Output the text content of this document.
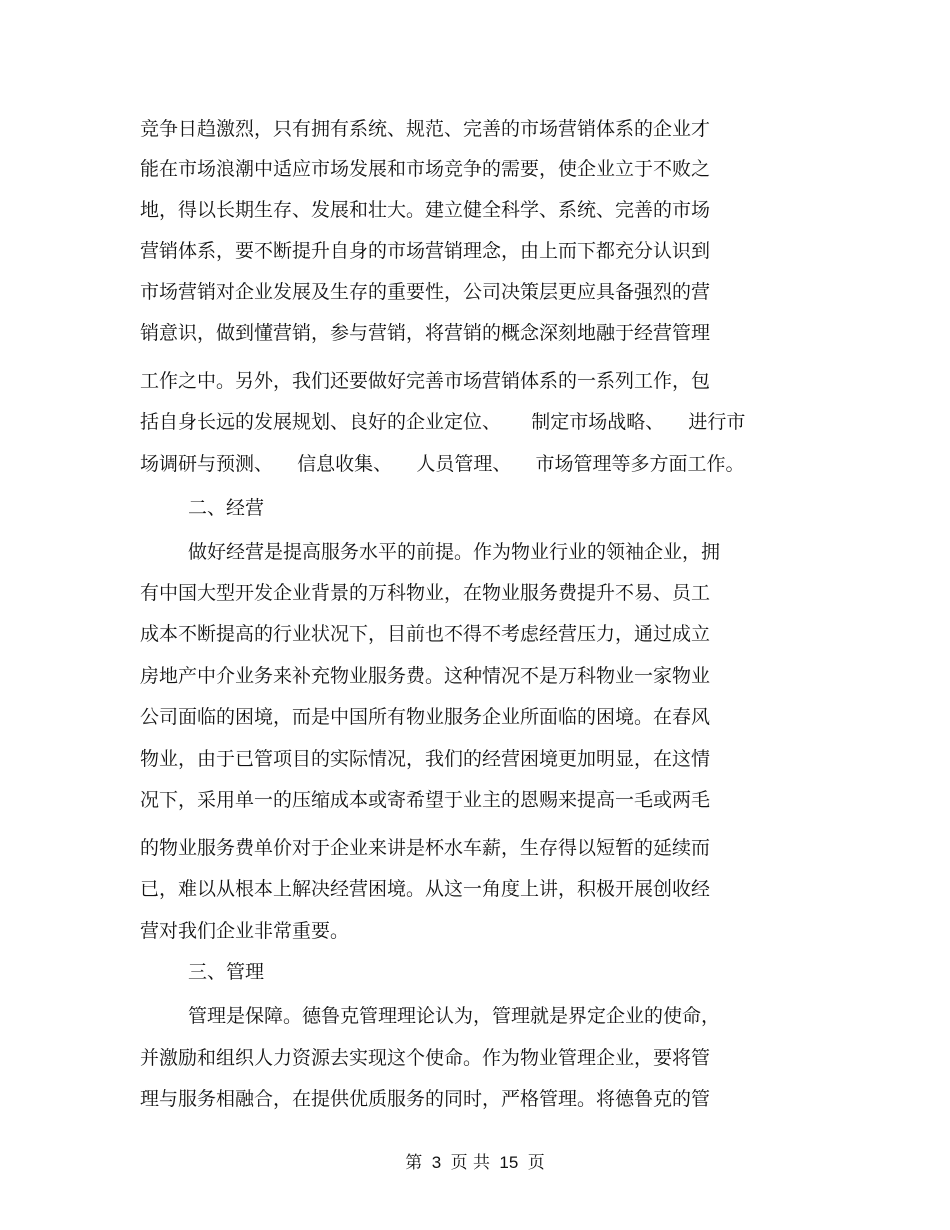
竞争日趋激烈，只有拥有系统、规范、完善的市场营销体系的企业才
能在市场浪潮中适应市场发展和市场竞争的需要，使企业立于不败之
地，得以长期生存、发展和壮大。建立健全科学、系统、完善的市场
营销体系，要不断提升自身的市场营销理念，由上而下都充分认识到
市场营销对企业发展及生存的重要性，公司决策层更应具备强烈的营
销意识，做到懂营销，参与营销，将营销的概念深刻地融于经营管理
工作之中。另外，我们还要做好完善市场营销体系的一系列工作，包
括自身长远的发展规划、良好的企业定位、     制定市场战略、    进行市
场调研与预测、    信息收集、    人员管理、    市场管理等多方面工作。
二、经营
做好经营是提高服务水平的前提。作为物业行业的领袖企业，拥
有中国大型开发企业背景的万科物业，在物业服务费提升不易、员工
成本不断提高的行业状况下，目前也不得不考虑经营压力，通过成立
房地产中介业务来补充物业服务费。这种情况不是万科物业一家物业
公司面临的困境，而是中国所有物业服务企业所面临的困境。在春风
物业，由于已管项目的实际情况，我们的经营困境更加明显，在这情
况下，采用单一的压缩成本或寄希望于业主的恩赐来提高一毛或两毛
的物业服务费单价对于企业来讲是杯水车薪，生存得以短暂的延续而
已，难以从根本上解决经营困境。从这一角度上讲，积极开展创收经
营对我们企业非常重要。
三、管理
管理是保障。德鲁克管理理论认为，管理就是界定企业的使命，
并激励和组织人力资源去实现这个使命。作为物业管理企业，要将管
理与服务相融合，在提供优质服务的同时，严格管理。将德鲁克的管
第 3 页 共 15 页
